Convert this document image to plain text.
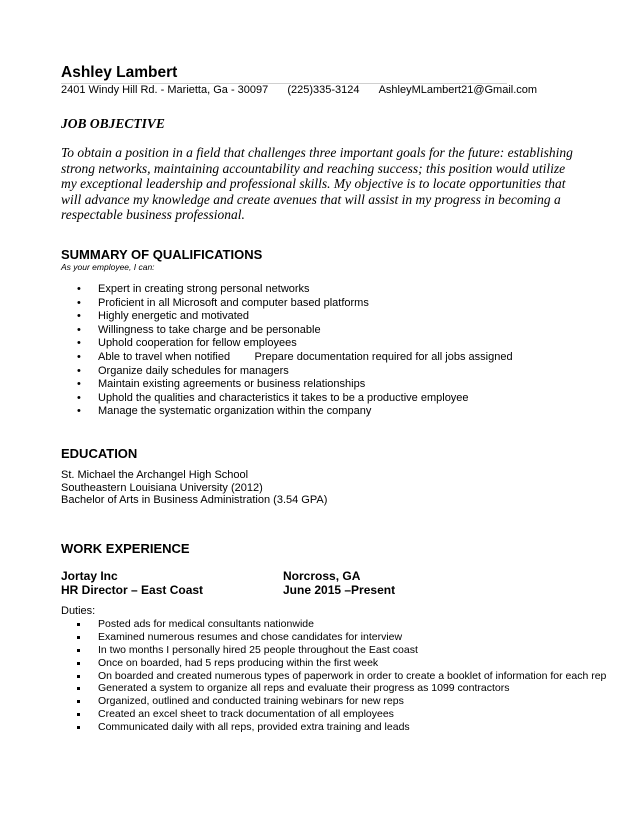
Ashley Lambert
2401 Windy Hill Rd. - Marietta, Ga - 30097 (225)335-3124 AshleyMLambert21@Gmail.com
JOB OBJECTIVE
To obtain a position in a field that challenges three important goals for the future: establishing strong networks, maintaining accountability and reaching success; this position would utilize my exceptional leadership and professional skills. My objective is to locate opportunities that will advance my knowledge and create avenues that will assist in my progress in becoming a respectable business professional.
SUMMARY OF QUALIFICATIONS
As your employee, I can:
• Expert in creating strong personal networks
• Proficient in all Microsoft and computer based platforms
• Highly energetic and motivated
• Willingness to take charge and be personable
• Uphold cooperation for fellow employees
• Able to travel when notified        Prepare documentation required for all jobs assigned
• Organize daily schedules for managers
• Maintain existing agreements or business relationships
• Uphold the qualities and characteristics it takes to be a productive employee
• Manage the systematic organization within the company
EDUCATION
St. Michael the Archangel High School
Southeastern Louisiana University (2012)
Bachelor of Arts in Business Administration (3.54 GPA)
WORK EXPERIENCE
Jortay Inc
HR Director – East Coast
Norcross, GA
June 2015 –Present
Duties:
Posted ads for medical consultants nationwide
Examined numerous resumes and chose candidates for interview
In two months I personally hired 25 people throughout the East coast
Once on boarded, had 5 reps producing within the first week
On boarded and created numerous types of paperwork in order to create a booklet of information for each rep
Generated a system to organize all reps and evaluate their progress as 1099 contractors
Organized, outlined and conducted training webinars for new reps
Created an excel sheet to track documentation of all employees
Communicated daily with all reps, provided extra training and leads
